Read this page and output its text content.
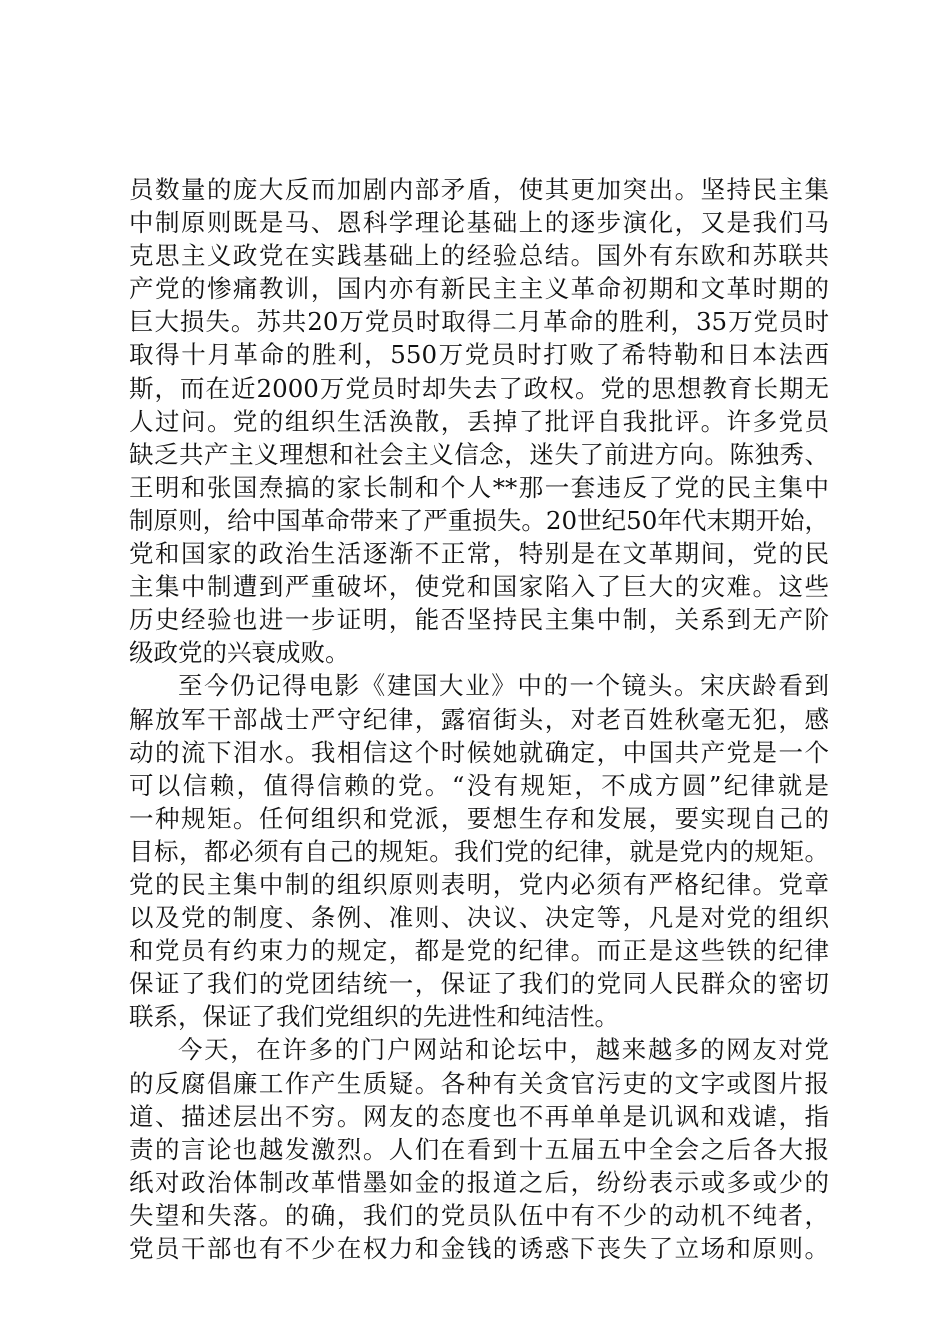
员数量的庞大反而加剧内部矛盾，使其更加突出。坚持民主集
中制原则既是马、恩科学理论基础上的逐步演化，又是我们马
克思主义政党在实践基础上的经验总结。国外有东欧和苏联共
产党的惨痛教训，国内亦有新民主主义革命初期和文革时期的
巨大损失。苏共20万党员时取得二月革命的胜利，35万党员时
取得十月革命的胜利，550万党员时打败了希特勒和日本法西
斯，而在近2000万党员时却失去了政权。党的思想教育长期无
人过问。党的组织生活涣散，丢掉了批评自我批评。许多党员
缺乏共产主义理想和社会主义信念，迷失了前进方向。陈独秀、
王明和张国焘搞的家长制和个人**那一套违反了党的民主集中
制原则，给中国革命带来了严重损失。20世纪50年代末期开始，
党和国家的政治生活逐渐不正常，特别是在文革期间，党的民
主集中制遭到严重破坏，使党和国家陷入了巨大的灾难。这些
历史经验也进一步证明，能否坚持民主集中制，关系到无产阶
级政党的兴衰成败。
至今仍记得电影《建国大业》中的一个镜头。宋庆龄看到
解放军干部战士严守纪律，露宿街头，对老百姓秋毫无犯，感
动的流下泪水。我相信这个时候她就确定，中国共产党是一个
可以信赖，值得信赖的党。“没有规矩，不成方圆”纪律就是
一种规矩。任何组织和党派，要想生存和发展，要实现自己的
目标，都必须有自己的规矩。我们党的纪律，就是党内的规矩。
党的民主集中制的组织原则表明，党内必须有严格纪律。党章
以及党的制度、条例、准则、决议、决定等，凡是对党的组织
和党员有约束力的规定，都是党的纪律。而正是这些铁的纪律
保证了我们的党团结统一，保证了我们的党同人民群众的密切
联系，保证了我们党组织的先进性和纯洁性。
今天，在许多的门户网站和论坛中，越来越多的网友对党
的反腐倡廉工作产生质疑。各种有关贪官污吏的文字或图片报
道、描述层出不穷。网友的态度也不再单单是讥讽和戏谑，指
责的言论也越发激烈。人们在看到十五届五中全会之后各大报
纸对政治体制改革惜墨如金的报道之后，纷纷表示或多或少的
失望和失落。的确，我们的党员队伍中有不少的动机不纯者，
党员干部也有不少在权力和金钱的诱惑下丧失了立场和原则。
